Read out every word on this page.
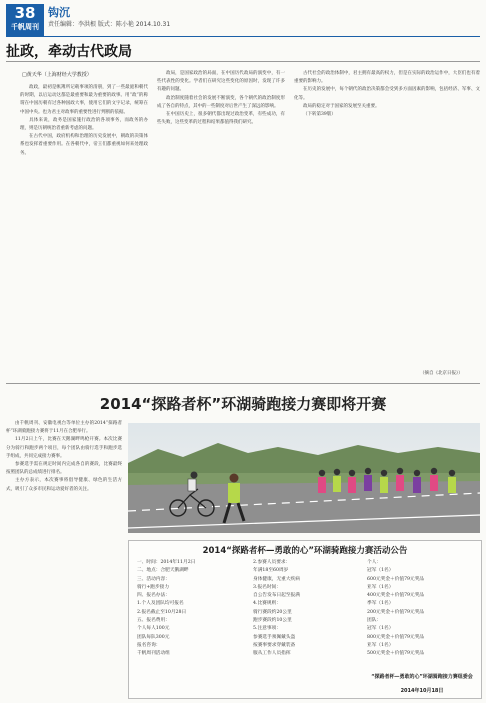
38
千帆周刊
钩沉
责任编辑：李洪根 版式：陈小艳 2014.10.31
扯政，牵动古代政局
□黄天华（上海财经大学教授）

政政，最初是帐簿所记载事项的清册，到了一些最庭和朝代的时期，以后运动这都是最重要和最为重要的政事。用“政”的称谓在中国历朝有过各种国政大事，使用它们的文字记录，统筹在中国中央。也为君主对政事的重要性进行判断的依据。

具体来说，政务是国家施行政治的各项事务，而政务的办理，则是历朝统治者重新考虑的问题。

在古代中国，政府机构和治理的历史发展中，朝政的决策体系也发挥着重要作用。在各朝代中，帝王们都重视如何来处理政务。

政局，是国家政治的局面，在中国历代政局的演变中，有一些代表性的变化。学者们在研究这些变化的原因时，发现了许多有趣的问题。

政治制度随着社会的发展不断演变，各个朝代的政治制度形成了各自的特点，其中的一些制度对后世产生了深远的影响。

在中国历史上，很多朝代都出现过政治变革，有些成功，有些失败，这些变革的过程和结果都值得我们研究。

古代社会的政治体制中，君主拥有最高的权力，但是在实际的政治运作中，大臣们也有着重要的影响力。

在历史的发展中，每个朝代的政治决策都会受到多方面因素的影响，包括经济、军事、文化等。

政局的稳定对于国家的发展至关重要。

（下转第39版）

（摘自《北京日报》）
2014“探路者杯”环湖骑跑接力赛即将开赛

由千帆周刊、安徽电视台等单位主办的2014“探路者杯”环湖骑跑接力赛将于11月在合肥举行。

11月2日上午，比赛在天鹅湖畔鸣枪开赛。本次比赛分为骑行和跑步两个项目，每个团队由骑行选手和跑步选手组成，共同完成接力赛事。

参赛选手需在规定时间内完成各自的赛段，比赛最终按照团队的总成绩进行排名。

主办方表示，本次赛事将倡导健康、绿色的生活方式，吸引了众多市民和运动爱好者的关注。

2014“探路者杯—勇敢的心”环湖骑跑接力赛活动公告
一、时间：2014年11月2日
二、地点：合肥天鹅湖畔
三、活动内容：
骑行+跑步接力
四、报名办法：
1.个人及团队均可报名
2.报名截止至10月28日
五、报名费用：
个人每人100元
团队每队300元
报名咨询：
千帆周刊活动组
2.参赛人员要求：
年满18至60周岁
身体健康，无重大疾病
3.报名时间：
自公告发布日起至报满
4.比赛规则：
骑行赛段约20公里
跑步赛段约10公里
5.注意事项：
参赛选手须佩戴头盔
按赛事要求穿戴装备
服从工作人员指挥
个人：
冠军（1名）
600元奖金＋价值79元奖品
亚军（1名）
400元奖金＋价值79元奖品
季军（1名）
200元奖金＋价值79元奖品
团队：
冠军（1名）
800元奖金＋价值79元奖品
亚军（1名）
500元奖金＋价值79元奖品
“探路者杯—勇敢的心”环湖骑跑接力赛组委会
2014年10月18日
